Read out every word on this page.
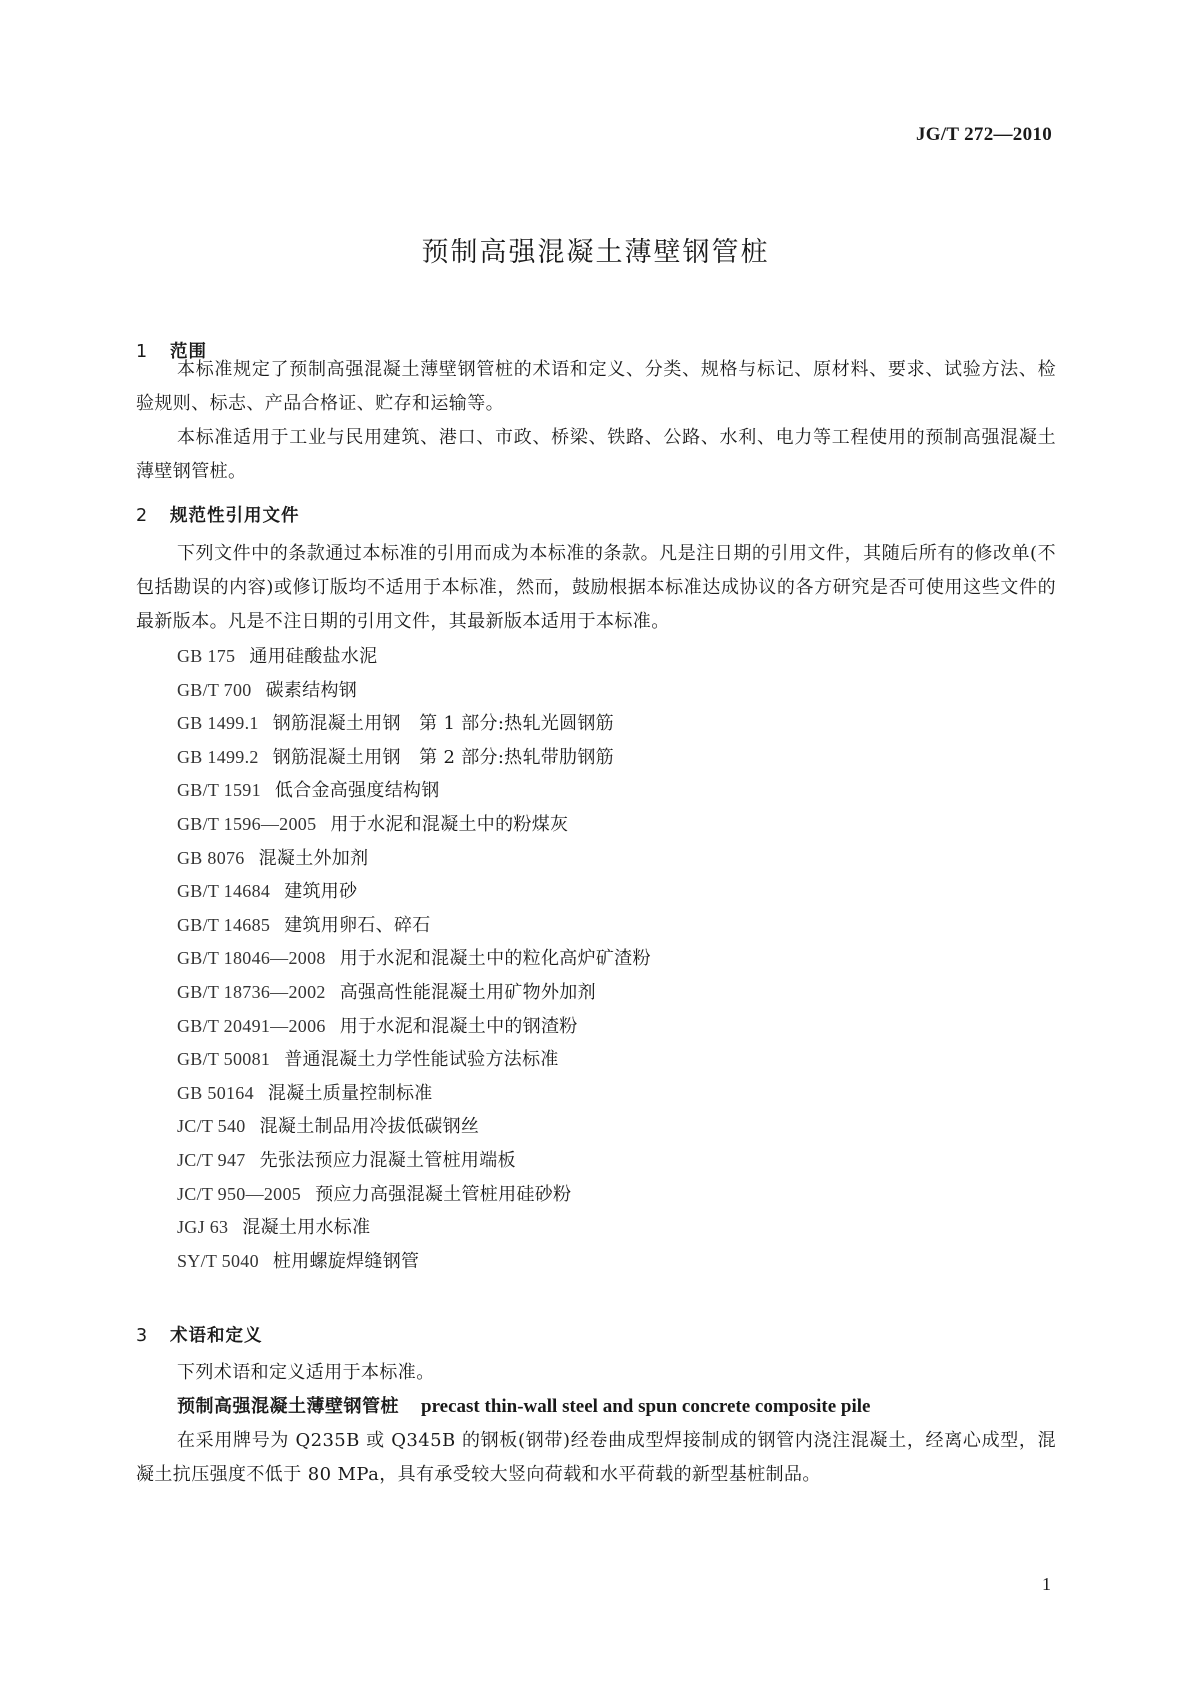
JG/T 272—2010
预制高强混凝土薄壁钢管桩
1 范围

本标准规定了预制高强混凝土薄壁钢管桩的术语和定义、分类、规格与标记、原材料、要求、试验方法、检验规则、标志、产品合格证、贮存和运输等。

本标准适用于工业与民用建筑、港口、市政、桥梁、铁路、公路、水利、电力等工程使用的预制高强混凝土薄壁钢管桩。

2 规范性引用文件

下列文件中的条款通过本标准的引用而成为本标准的条款。凡是注日期的引用文件，其随后所有的修改单(不包括勘误的内容)或修订版均不适用于本标准，然而，鼓励根据本标准达成协议的各方研究是否可使用这些文件的最新版本。凡是不注日期的引用文件，其最新版本适用于本标准。

GB 175 通用硅酸盐水泥
GB/T 700 碳素结构钢
GB 1499.1 钢筋混凝土用钢　第 1 部分:热轧光圆钢筋
GB 1499.2 钢筋混凝土用钢　第 2 部分:热轧带肋钢筋
GB/T 1591 低合金高强度结构钢
GB/T 1596—2005 用于水泥和混凝土中的粉煤灰
GB 8076 混凝土外加剂
GB/T 14684 建筑用砂
GB/T 14685 建筑用卵石、碎石
GB/T 18046—2008 用于水泥和混凝土中的粒化高炉矿渣粉
GB/T 18736—2002 高强高性能混凝土用矿物外加剂
GB/T 20491—2006 用于水泥和混凝土中的钢渣粉
GB/T 50081 普通混凝土力学性能试验方法标准
GB 50164 混凝土质量控制标准
JC/T 540 混凝土制品用冷拔低碳钢丝
JC/T 947 先张法预应力混凝土管桩用端板
JC/T 950—2005 预应力高强混凝土管桩用硅砂粉
JGJ 63 混凝土用水标准
SY/T 5040 桩用螺旋焊缝钢管
3 术语和定义

下列术语和定义适用于本标准。

预制高强混凝土薄壁钢管桩 precast thin-wall steel and spun concrete composite pile

在采用牌号为 Q235B 或 Q345B 的钢板(钢带)经卷曲成型焊接制成的钢管内浇注混凝土，经离心成型，混凝土抗压强度不低于 80 MPa，具有承受较大竖向荷载和水平荷载的新型基桩制品。

1
